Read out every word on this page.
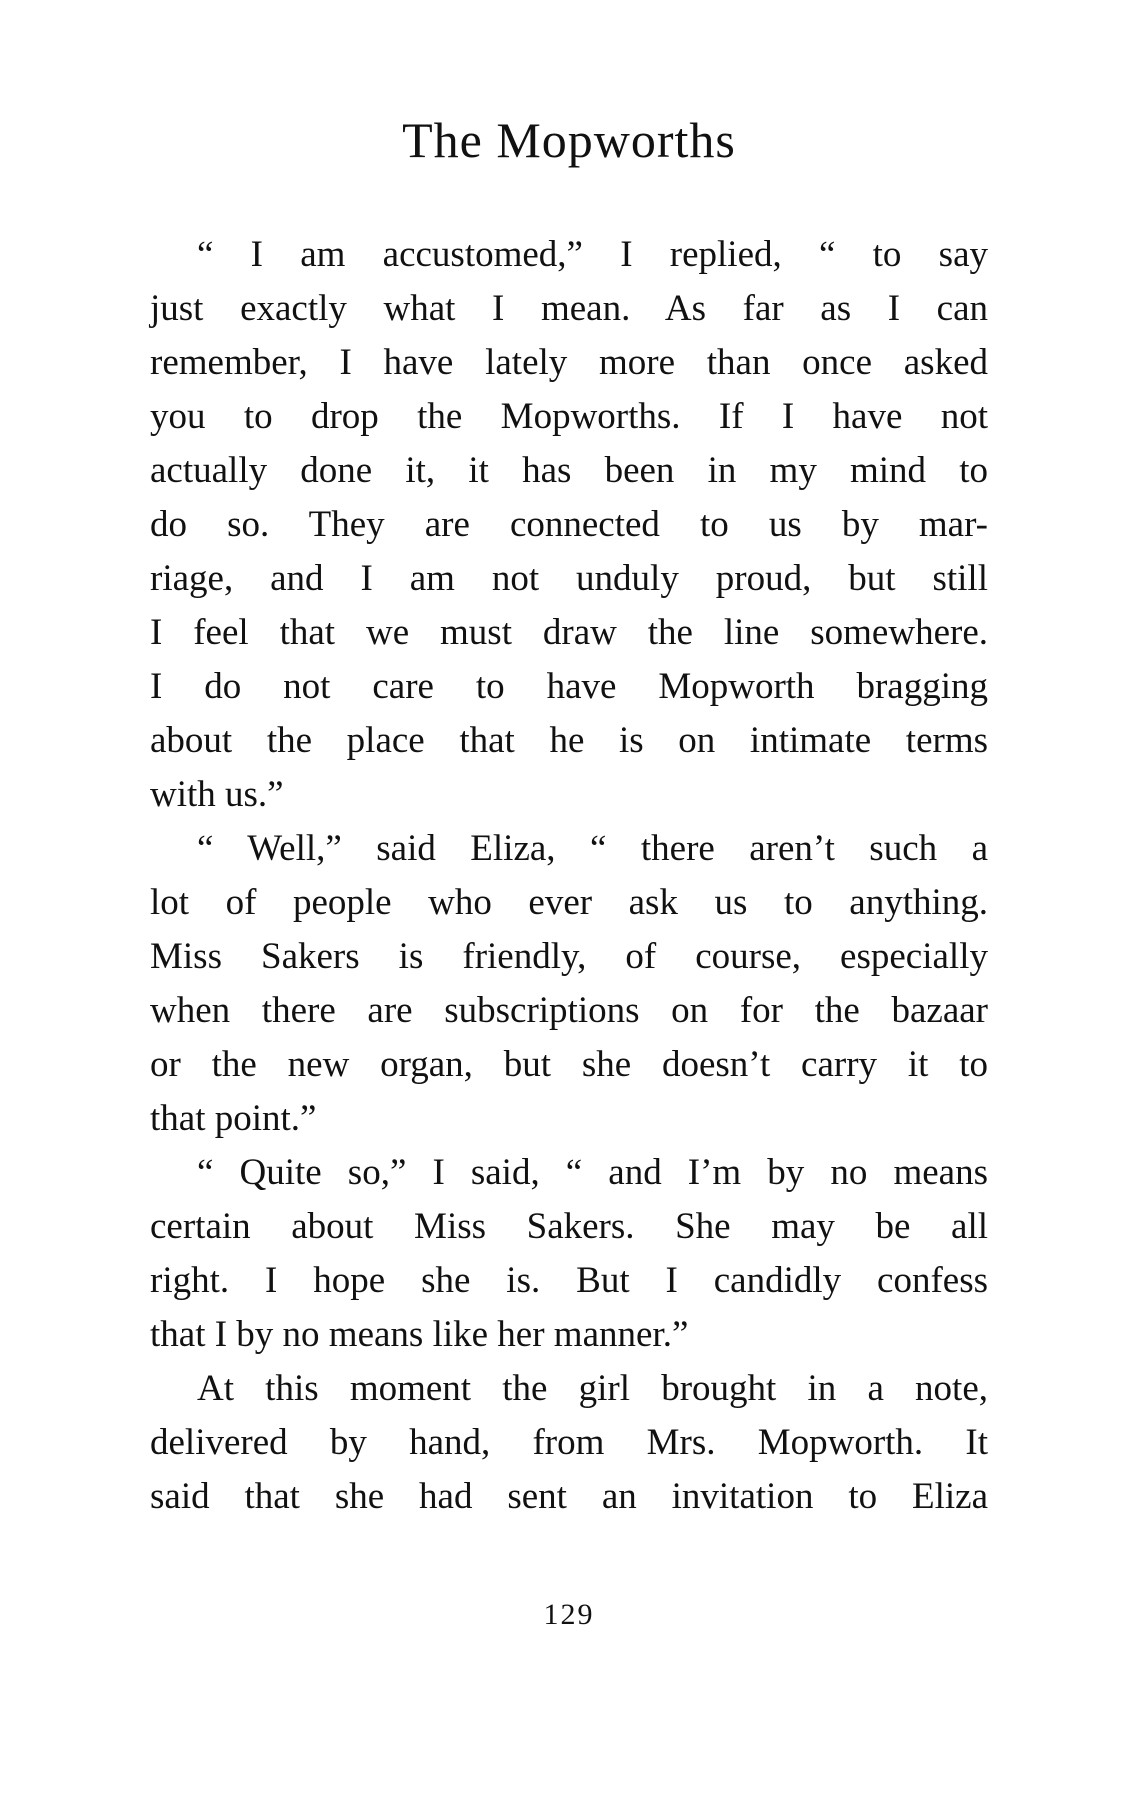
The Mopworths
“ I am accustomed,” I replied, “ to say
just exactly what I mean. As far as I can
remember, I have lately more than once asked
you to drop the Mopworths. If I have not
actually done it, it has been in my mind to
do so. They are connected to us by mar-
riage, and I am not unduly proud, but still
I feel that we must draw the line somewhere.
I do not care to have Mopworth bragging
about the place that he is on intimate terms
with us.”
“ Well,” said Eliza, “ there aren’t such a
lot of people who ever ask us to anything.
Miss Sakers is friendly, of course, especially
when there are subscriptions on for the bazaar
or the new organ, but she doesn’t carry it to
that point.”
“ Quite so,” I said, “ and I’m by no means
certain about Miss Sakers. She may be all
right. I hope she is. But I candidly confess
that I by no means like her manner.”
At this moment the girl brought in a note,
delivered by hand, from Mrs. Mopworth. It
said that she had sent an invitation to Eliza
129
